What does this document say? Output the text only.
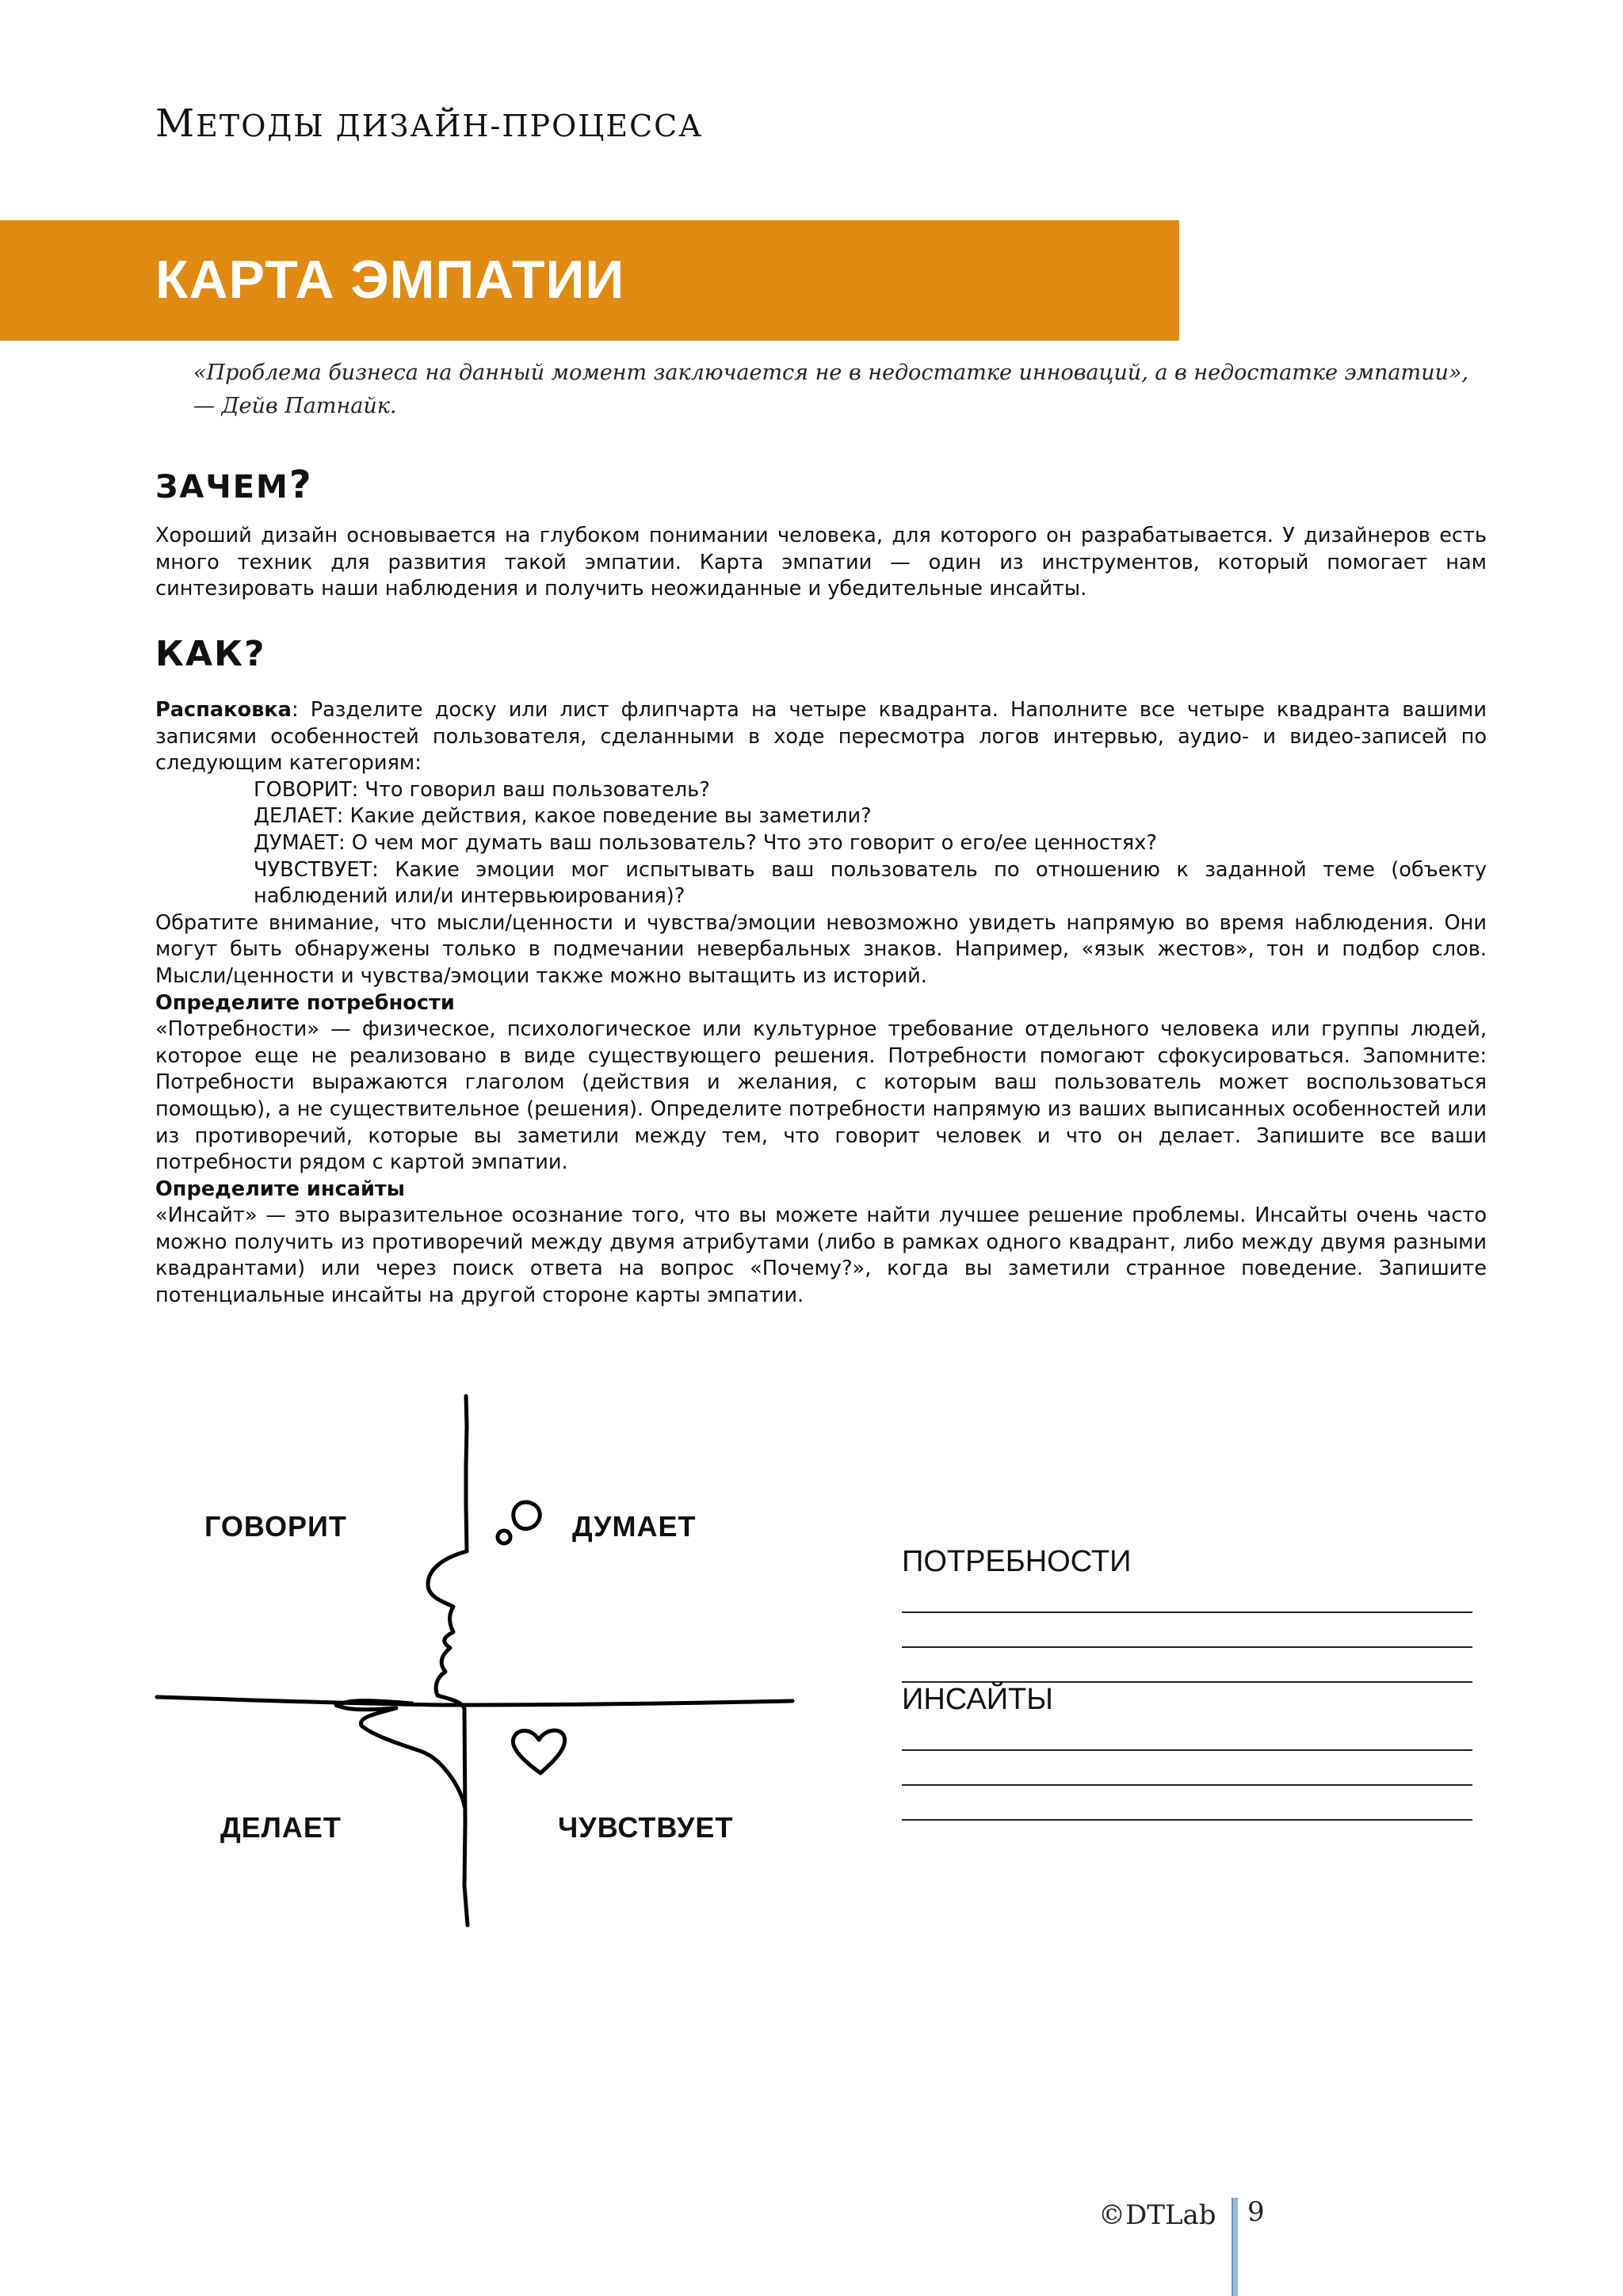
МЕТОДЫ ДИЗАЙН-ПРОЦЕССА
КАРТА ЭМПАТИИ
«Проблема бизнеса на данный момент заключается не в недостатке инноваций, а в недостатке эмпатии», — Дейв Патнайк.
ЗАЧЕМ?

Хороший дизайн основывается на глубоком понимании человека, для которого он разрабатывается. У дизайнеров есть много техник для развития такой эмпатии. Карта эмпатии — один из инструментов, который помогает нам синтезировать наши наблюдения и получить неожиданные и убедительные инсайты.

КАК?
Распаковка: Разделите доску или лист флипчарта на четыре квадранта. Наполните все четыре квадранта вашими записями особенностей пользователя, сделанными в ходе пересмотра логов интервью, аудио- и видео-записей по следующим категориям:
ГОВОРИТ: Что говорил ваш пользователь?
ДЕЛАЕТ: Какие действия, какое поведение вы заметили?
ДУМАЕТ: О чем мог думать ваш пользователь? Что это говорит о его/ее ценностях?
ЧУВСТВУЕТ: Какие эмоции мог испытывать ваш пользователь по отношению к заданной теме (объекту наблюдений или/и интервьюирования)?
Обратите внимание, что мысли/ценности и чувства/эмоции невозможно увидеть напрямую во время наблюдения. Они могут быть обнаружены только в подмечании невербальных знаков. Например, «язык жестов», тон и подбор слов. Мысли/ценности и чувства/эмоции также можно вытащить из историй.
Определите потребности
«Потребности» — физическое, психологическое или культурное требование отдельного человека или группы людей, которое еще не реализовано в виде существующего решения. Потребности помогают сфокусироваться. Запомните: Потребности выражаются глаголом (действия и желания, с которым ваш пользователь может воспользоваться помощью), а не существительное (решения). Определите потребности напрямую из ваших выписанных особенностей или из противоречий, которые вы заметили между тем, что говорит человек и что он делает. Запишите все ваши потребности рядом с картой эмпатии.
Определите инсайты
«Инсайт» — это выразительное осознание того, что вы можете найти лучшее решение проблемы. Инсайты очень часто можно получить из противоречий между двумя атрибутами (либо в рамках одного квадрант, либо между двумя разными квадрантами) или через поиск ответа на вопрос «Почему?», когда вы заметили странное поведение. Запишите потенциальные инсайты на другой стороне карты эмпатии.
ГОВОРИТ	ДУМАЕТ
ДЕЛАЕТ	ЧУВСТВУЕТ
ПОТРЕБНОСТИ
ИНСАЙТЫ
©DTLab 9
